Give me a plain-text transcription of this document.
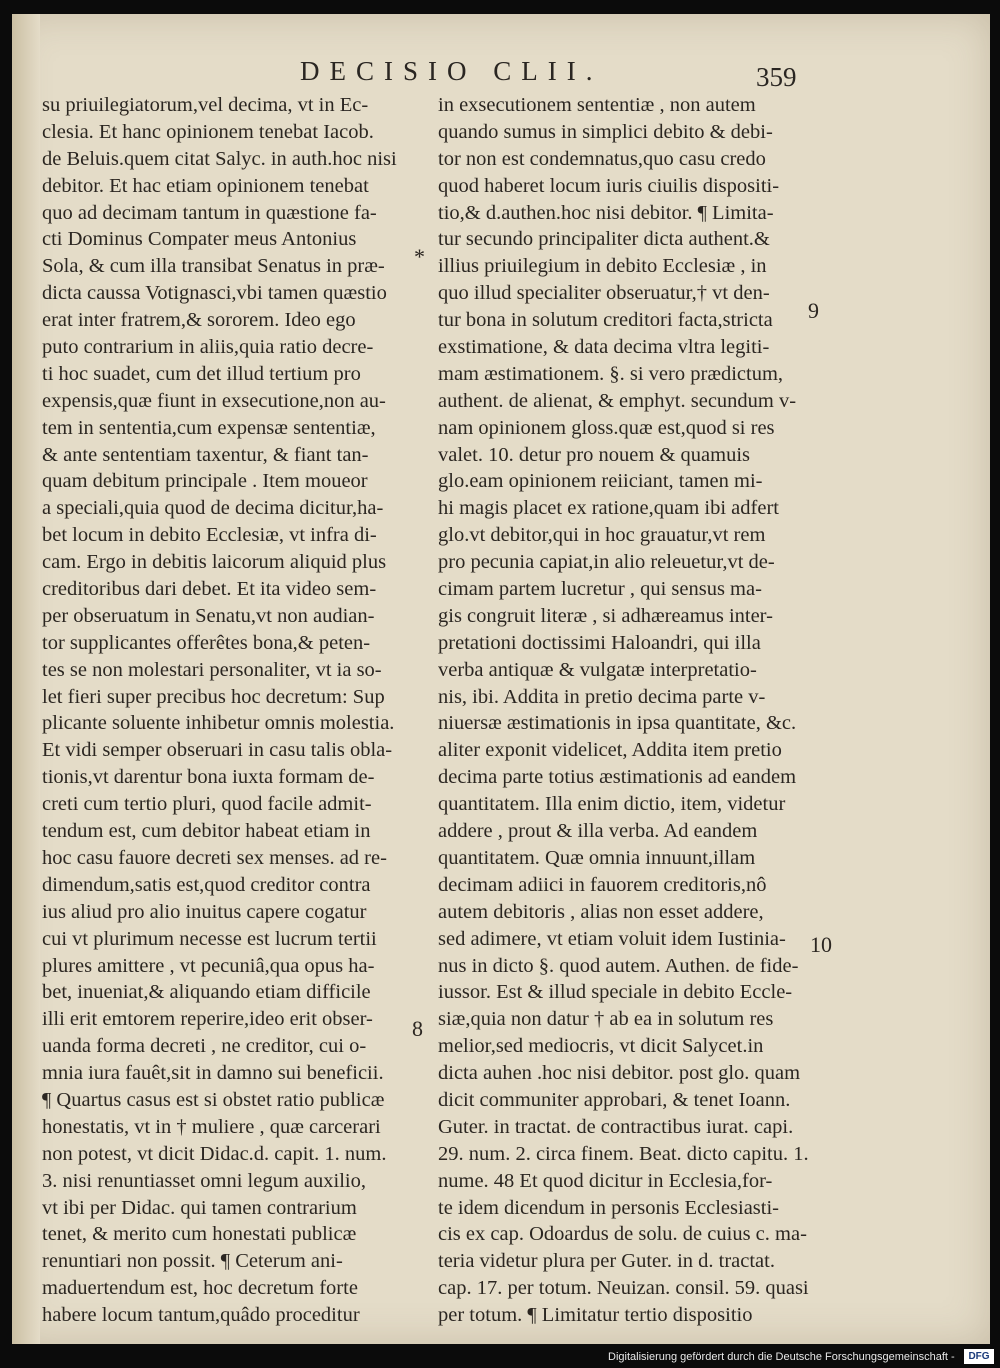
DECISIO CLII.	359
su priuilegiatorum,vel decima, vt in Ec-
clesia. Et hanc opinionem tenebat Iacob.
de Beluis.quem citat Salyc. in auth.hoc nisi
debitor. Et hac etiam opinionem tenebat
quo ad decimam tantum in quæstione fa-
cti Dominus Compater meus Antonius
Sola, & cum illa transibat Senatus in præ-
dicta caussa Votignasci,vbi tamen quæstio
erat inter fratrem,& sororem. Ideo ego
puto contrarium in aliis,quia ratio decre-
ti hoc suadet, cum det illud tertium pro
expensis,quæ fiunt in exsecutione,non au-
tem in sententia,cum expensæ sententiæ,
& ante sententiam taxentur, & fiant tan-
quam debitum principale . Item moueor
a speciali,quia quod de decima dicitur,ha-
bet locum in debito Ecclesiæ, vt infra di-
cam. Ergo in debitis laicorum aliquid plus
creditoribus dari debet. Et ita video sem-
per obseruatum in Senatu,vt non audian-
tor supplicantes offerêtes bona,& peten-
tes se non molestari personaliter, vt ia so-
let fieri super precibus hoc decretum: Sup
plicante soluente inhibetur omnis molestia.
Et vidi semper obseruari in casu talis obla-
tionis,vt darentur bona iuxta formam de-
creti cum tertio pluri, quod facile admit-
tendum est, cum debitor habeat etiam in
hoc casu fauore decreti sex menses. ad re-
dimendum,satis est,quod creditor contra
ius aliud pro alio inuitus capere cogatur
cui vt plurimum necesse est lucrum tertii
plures amittere , vt pecuniâ,qua opus ha-
bet, inueniat,& aliquando etiam difficile
illi erit emtorem reperire,ideo erit obser-
uanda forma decreti , ne creditor, cui o-
mnia iura fauêt,sit in damno sui beneficii.
¶ Quartus casus est si obstet ratio publicæ
honestatis, vt in † muliere , quæ carcerari
non potest, vt dicit Didac.d. capit. 1. num.
3. nisi renuntiasset omni legum auxilio,
vt ibi per Didac. qui tamen contrarium
tenet, & merito cum honestati publicæ
renuntiari non possit. ¶ Ceterum ani-
maduertendum est, hoc decretum forte
habere locum tantum,quâdo proceditur
in exsecutionem sententiæ , non autem
quando sumus in simplici debito & debi-
tor non est condemnatus,quo casu credo
quod haberet locum iuris ciuilis dispositi-
tio,& d.authen.hoc nisi debitor. ¶ Limita-
tur secundo principaliter dicta authent.&
illius priuilegium in debito Ecclesiæ , in
quo illud specialiter obseruatur,† vt den-
tur bona in solutum creditori facta,stricta
exstimatione, & data decima vltra legiti-
mam æstimationem. §. si vero prædictum,
authent. de alienat, & emphyt. secundum v-
nam opinionem gloss.quæ est,quod si res
valet. 10. detur pro nouem & quamuis
glo.eam opinionem reiiciant, tamen mi-
hi magis placet ex ratione,quam ibi adfert
glo.vt debitor,qui in hoc grauatur,vt rem
pro pecunia capiat,in alio releuetur,vt de-
cimam partem lucretur , qui sensus ma-
gis congruit literæ , si adhæreamus inter-
pretationi doctissimi Haloandri, qui illa
verba antiquæ & vulgatæ interpretatio-
nis, ibi. Addita in pretio decima parte v-
niuersæ æstimationis in ipsa quantitate, &c.
aliter exponit videlicet, Addita item pretio
decima parte totius æstimationis ad eandem
quantitatem. Illa enim dictio, item, videtur
addere , prout & illa verba. Ad eandem
quantitatem. Quæ omnia innuunt,illam
decimam adiici in fauorem creditoris,nô
autem debitoris , alias non esset addere,
sed adimere, vt etiam voluit idem Iustinia-
nus in dicto §. quod autem. Authen. de fide-
iussor. Est & illud speciale in debito Eccle-
siæ,quia non datur † ab ea in solutum res
melior,sed mediocris, vt dicit Salycet.in
dicta auhen .hoc nisi debitor. post glo. quam
dicit communiter approbari, & tenet Ioann.
Guter. in tractat. de contractibus iurat. capi.
29. num. 2. circa finem. Beat. dicto capitu. 1.
nume. 48 Et quod dicitur in Ecclesia,for-
te idem dicendum in personis Ecclesiasti-
cis ex cap. Odoardus de solu. de cuius c. ma-
teria videtur plura per Guter. in d. tractat.
cap. 17. per totum. Neuizan. consil. 59. quasi
per totum. ¶ Limitatur tertio dispositio
*
8
9
10
Digitalisierung gefördert durch die Deutsche Forschungsgemeinschaft -	DFG
